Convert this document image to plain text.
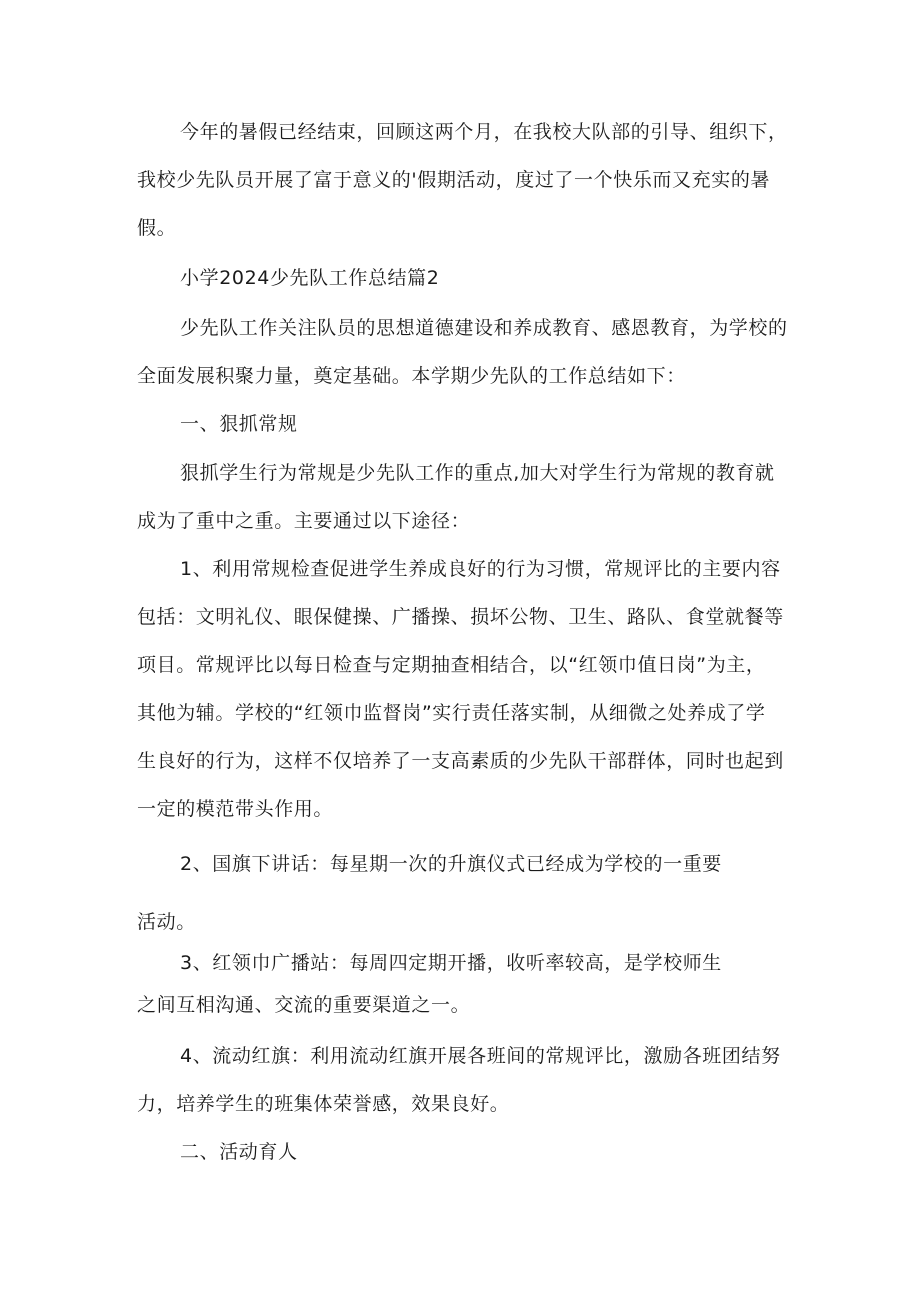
今年的暑假已经结束，回顾这两个月，在我校大队部的引导、组织下，
我校少先队员开展了富于意义的'假期活动，度过了一个快乐而又充实的暑
假。
小学2024少先队工作总结篇2
少先队工作关注队员的思想道德建设和养成教育、感恩教育，为学校的
全面发展积聚力量，奠定基础。本学期少先队的工作总结如下：
一、狠抓常规
狠抓学生行为常规是少先队工作的重点,加大对学生行为常规的教育就
成为了重中之重。主要通过以下途径：
1、利用常规检查促进学生养成良好的行为习惯，常规评比的主要内容
包括：文明礼仪、眼保健操、广播操、损坏公物、卫生、路队、食堂就餐等
项目。常规评比以每日检查与定期抽查相结合，以“红领巾值日岗”为主，
其他为辅。学校的“红领巾监督岗”实行责任落实制，从细微之处养成了学
生良好的行为，这样不仅培养了一支高素质的少先队干部群体，同时也起到
一定的模范带头作用。
2、国旗下讲话：每星期一次的升旗仪式已经成为学校的一重要
活动。
3、红领巾广播站：每周四定期开播，收听率较高，是学校师生
之间互相沟通、交流的重要渠道之一。
4、流动红旗：利用流动红旗开展各班间的常规评比，激励各班团结努
力，培养学生的班集体荣誉感，效果良好。
二、活动育人
